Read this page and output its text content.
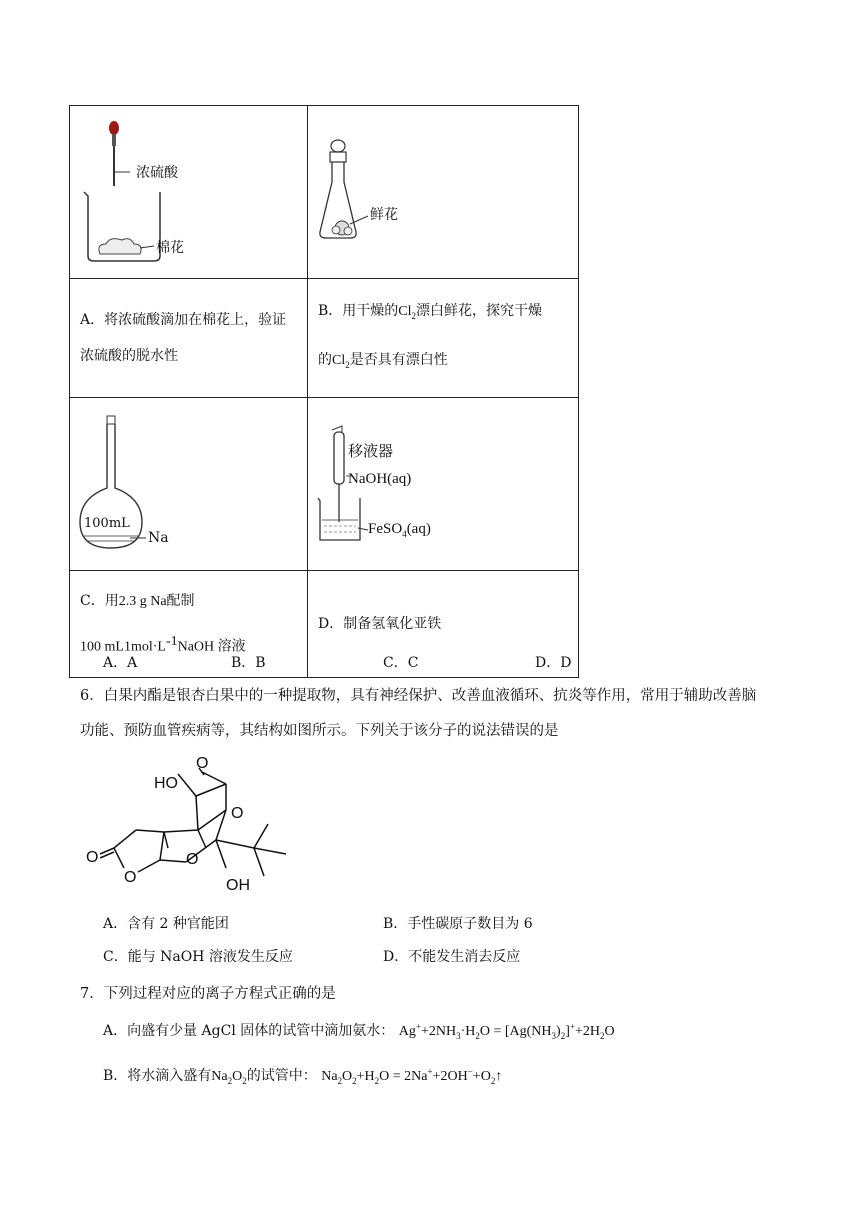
浓硫酸
棉花	鲜花

A．将浓硫酸滴加在棉花上，验证浓硫酸的脱水性	B．用干燥的$Cl_2$漂白鲜花，探究干燥
的$Cl_2$是否具有漂白性

100mL
Na	移液器
NaOH(aq)
FeSO$_4$(aq)

C．用2.3 g Na配制
100 $mL1mol\cdot L^{-1}NaOH$ 溶液	D．制备氢氧化亚铁
A．A	B．B	C．C	D．D
6．白果内酯是银杏白果中的一种提取物，具有神经保护、改善血液循环、抗炎等作用，常用于辅助改善脑
功能、预防血管疾病等，其结构如图所示。下列关于该分子的说法错误的是
HO
O
O
O
O
O
OH
A．含有 2 种官能团	B．手性碳原子数目为 6
C．能与 NaOH 溶液发生反应	D．不能发生消去反应
7．下列过程对应的离子方程式正确的是
A．向盛有少量 AgCl 固体的试管中滴加氨水： $Ag^++2NH_3\cdot H_2O = [Ag(NH_3)_2]^++2H_2O$
B．将水滴入盛有$Na_2O_2$的试管中： $Na_2O_2+H_2O$ = $2Na^++2OH^-+O_2↑$
